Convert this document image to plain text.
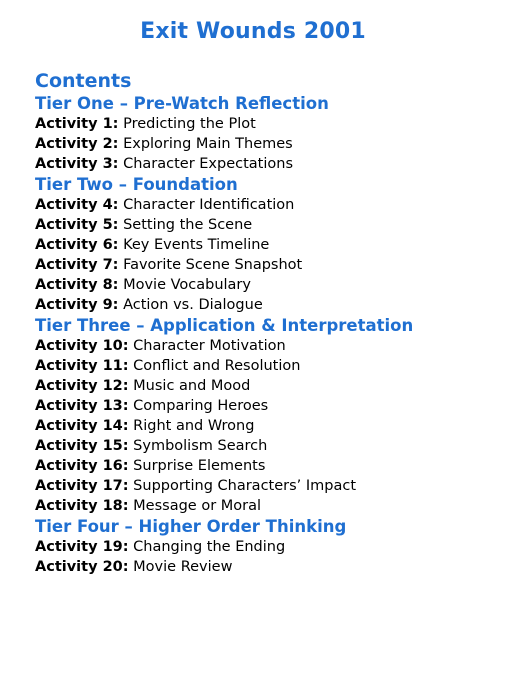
Exit Wounds 2001
Contents
Tier One – Pre-Watch Reflection
Activity 1: Predicting the Plot
Activity 2: Exploring Main Themes
Activity 3: Character Expectations
Tier Two – Foundation
Activity 4: Character Identification
Activity 5: Setting the Scene
Activity 6: Key Events Timeline
Activity 7: Favorite Scene Snapshot
Activity 8: Movie Vocabulary
Activity 9: Action vs. Dialogue
Tier Three – Application & Interpretation
Activity 10: Character Motivation
Activity 11: Conflict and Resolution
Activity 12: Music and Mood
Activity 13: Comparing Heroes
Activity 14: Right and Wrong
Activity 15: Symbolism Search
Activity 16: Surprise Elements
Activity 17: Supporting Characters’ Impact
Activity 18: Message or Moral
Tier Four – Higher Order Thinking
Activity 19: Changing the Ending
Activity 20: Movie Review
